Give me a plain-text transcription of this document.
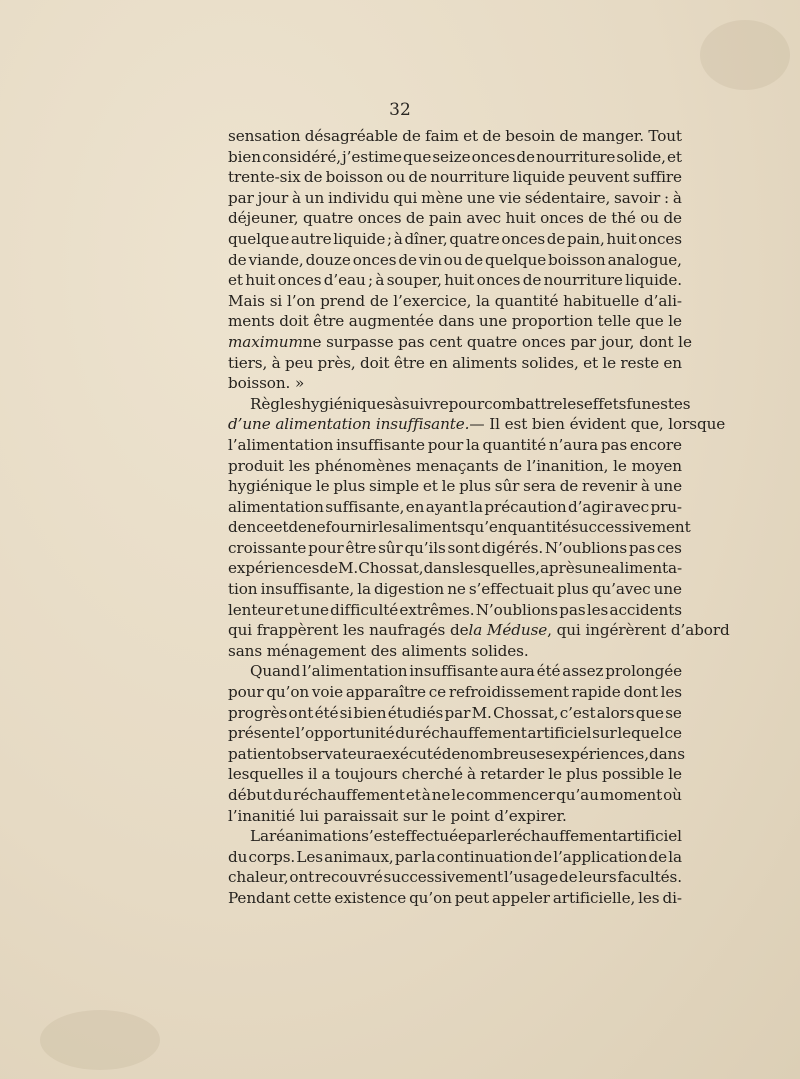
32
sensation désagréable de faim et de besoin de manger. Tout
bien considéré, j’estime que seize onces de nourriture solide, et
trente-six de boisson ou de nourriture liquide peuvent suffire
par jour à un individu qui mène une vie sédentaire, savoir : à
déjeuner, quatre onces de pain avec huit onces de thé ou de
quelque autre liquide ; à dîner, quatre onces de pain, huit onces
de viande, douze onces de vin ou de quelque boisson analogue,
et huit onces d’eau ; à souper, huit onces de nourriture liquide.
Mais si l’on prend de l’exercice, la quantité habituelle d’ali-
ments doit être augmentée dans une proportion telle que le
maximum ne surpasse pas cent quatre onces par jour, dont le
tiers, à peu près, doit être en aliments solides, et le reste en
boisson. »
Règles hygiéniques à suivre pour combattre les effets funestes
d’une alimentation insuffisante. — Il est bien évident que, lorsque
l’alimentation insuffisante pour la quantité n’aura pas encore
produit les phénomènes menaçants de l’inanition, le moyen
hygiénique le plus simple et le plus sûr sera de revenir à une
alimentation suffisante, en ayant la précaution d’agir avec pru-
dence et de ne fournir les aliments qu’en quantité successivement
croissante pour être sûr qu’ils sont digérés. N’oublions pas ces
expériences de M. Chossat, dans lesquelles, après une alimenta-
tion insuffisante, la digestion ne s’effectuait plus qu’avec une
lenteur et une difficulté extrêmes. N’oublions pas les accidents
qui frappèrent les naufragés de la Méduse , qui ingérèrent d’abord
sans ménagement des aliments solides.
Quand l’alimentation insuffisante aura été assez prolongée
pour qu’on voie apparaître ce refroidissement rapide dont les
progrès ont été si bien étudiés par M. Chossat, c’est alors que se
présente l’opportunité du réchauffement artificiel sur lequel ce
patient observateur a exécuté de nombreuses expériences, dans
lesquelles il a toujours cherché à retarder le plus possible le
début du réchauffement et à ne le commencer qu’au moment où
l’inanitié lui paraissait sur le point d’expirer.
La réanimation s’est effectuée par le réchauffement artificiel
du corps. Les animaux, par la continuation de l’application de la
chaleur, ont recouvré successivement l’usage de leurs facultés.
Pendant cette existence qu’on peut appeler artificielle, les di-
